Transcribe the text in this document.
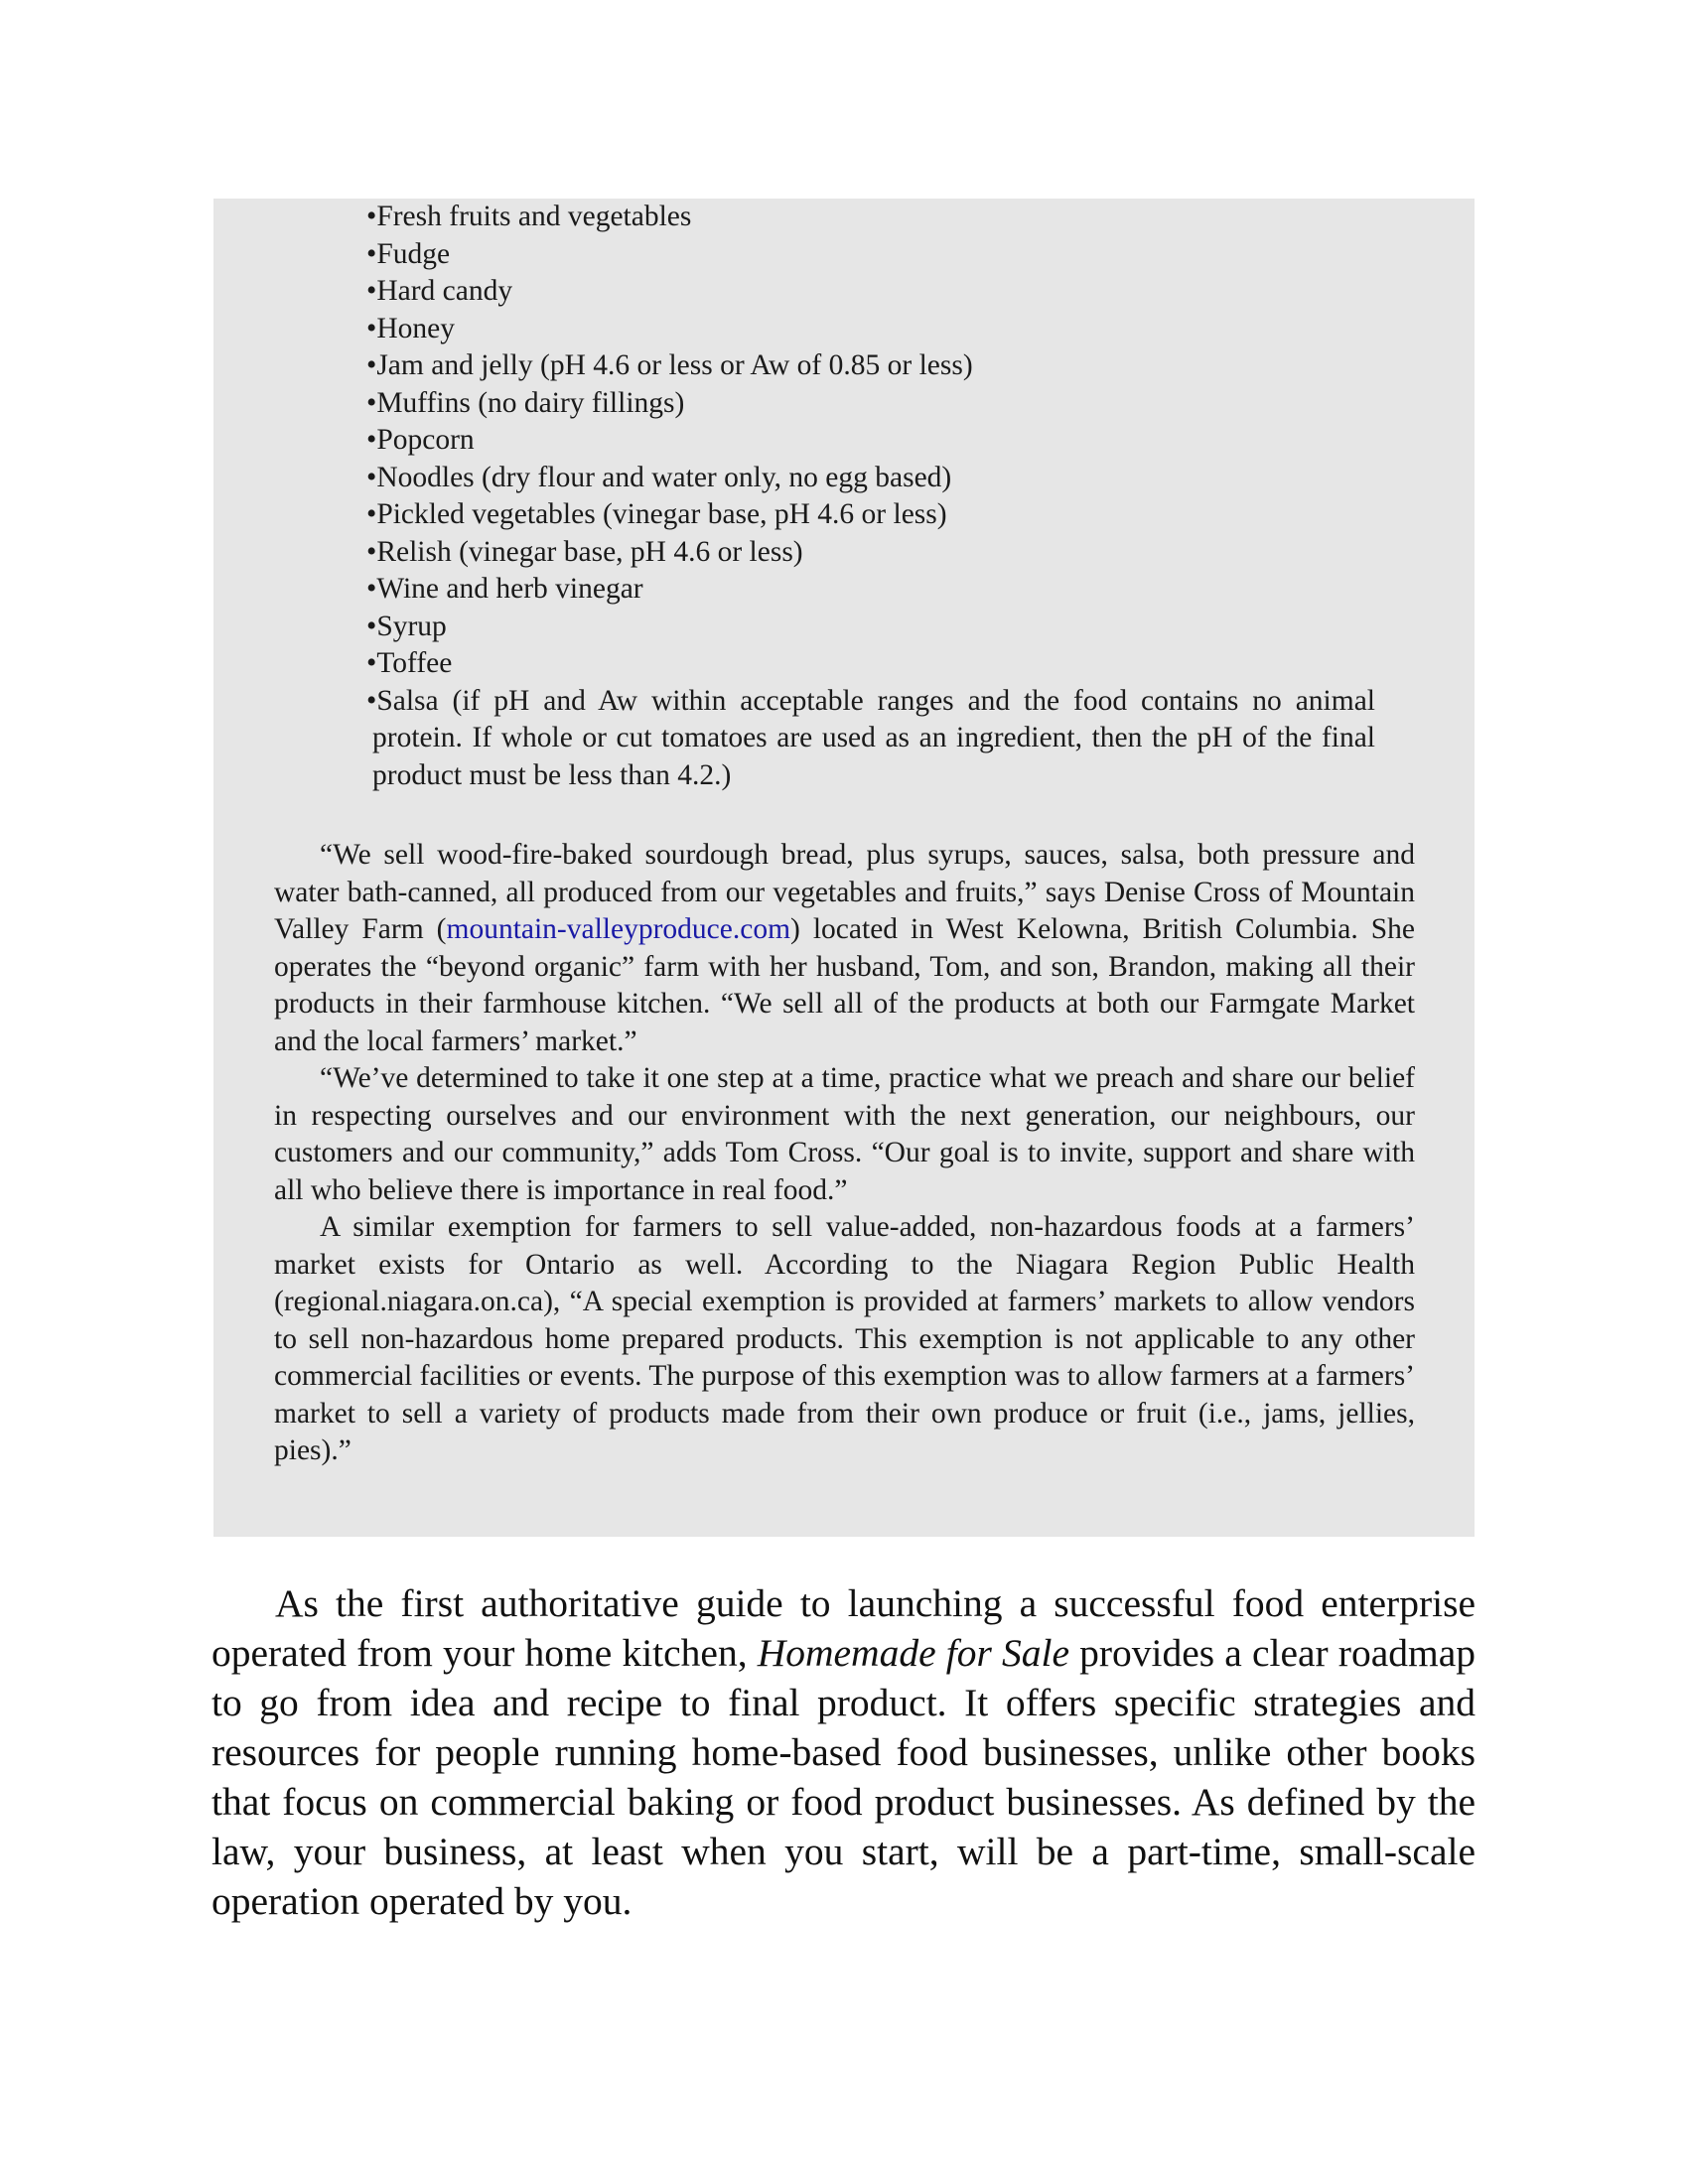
•Fresh fruits and vegetables
•Fudge
•Hard candy
•Honey
•Jam and jelly (pH 4.6 or less or Aw of 0.85 or less)
•Muffins (no dairy fillings)
•Popcorn
•Noodles (dry flour and water only, no egg based)
•Pickled vegetables (vinegar base, pH 4.6 or less)
•Relish (vinegar base, pH 4.6 or less)
•Wine and herb vinegar
•Syrup
•Toffee
•Salsa (if pH and Aw within acceptable ranges and the food contains no animal protein. If whole or cut tomatoes are used as an ingredient, then the pH of the final product must be less than 4.2.)

“We sell wood-fire-baked sourdough bread, plus syrups, sauces, salsa, both pressure and water bath-canned, all produced from our vegetables and fruits,” says Denise Cross of Mountain Valley Farm (mountain-valleyproduce.com) located in West Kelowna, British Columbia. She operates the “beyond organic” farm with her husband, Tom, and son, Brandon, making all their products in their farmhouse kitchen. “We sell all of the products at both our Farmgate Market and the local farmers’ market.”

“We’ve determined to take it one step at a time, practice what we preach and share our belief in respecting ourselves and our environment with the next generation, our neighbours, our customers and our community,” adds Tom Cross. “Our goal is to invite, support and share with all who believe there is importance in real food.”

A similar exemption for farmers to sell value-added, non-hazardous foods at a farmers’ market exists for Ontario as well. According to the Niagara Region Public Health (regional.niagara.on.ca), “A special exemption is provided at farmers’ markets to allow vendors to sell non-hazardous home prepared products. This exemption is not applicable to any other commercial facilities or events. The purpose of this exemption was to allow farmers at a farmers’ market to sell a variety of products made from their own produce or fruit (i.e., jams, jellies, pies).”

As the first authoritative guide to launching a successful food enterprise operated from your home kitchen, Homemade for Sale provides a clear roadmap to go from idea and recipe to final product. It offers specific strategies and resources for people running home-based food businesses, unlike other books that focus on commercial baking or food product businesses. As defined by the law, your business, at least when you start, will be a part-time, small-scale operation operated by you.
